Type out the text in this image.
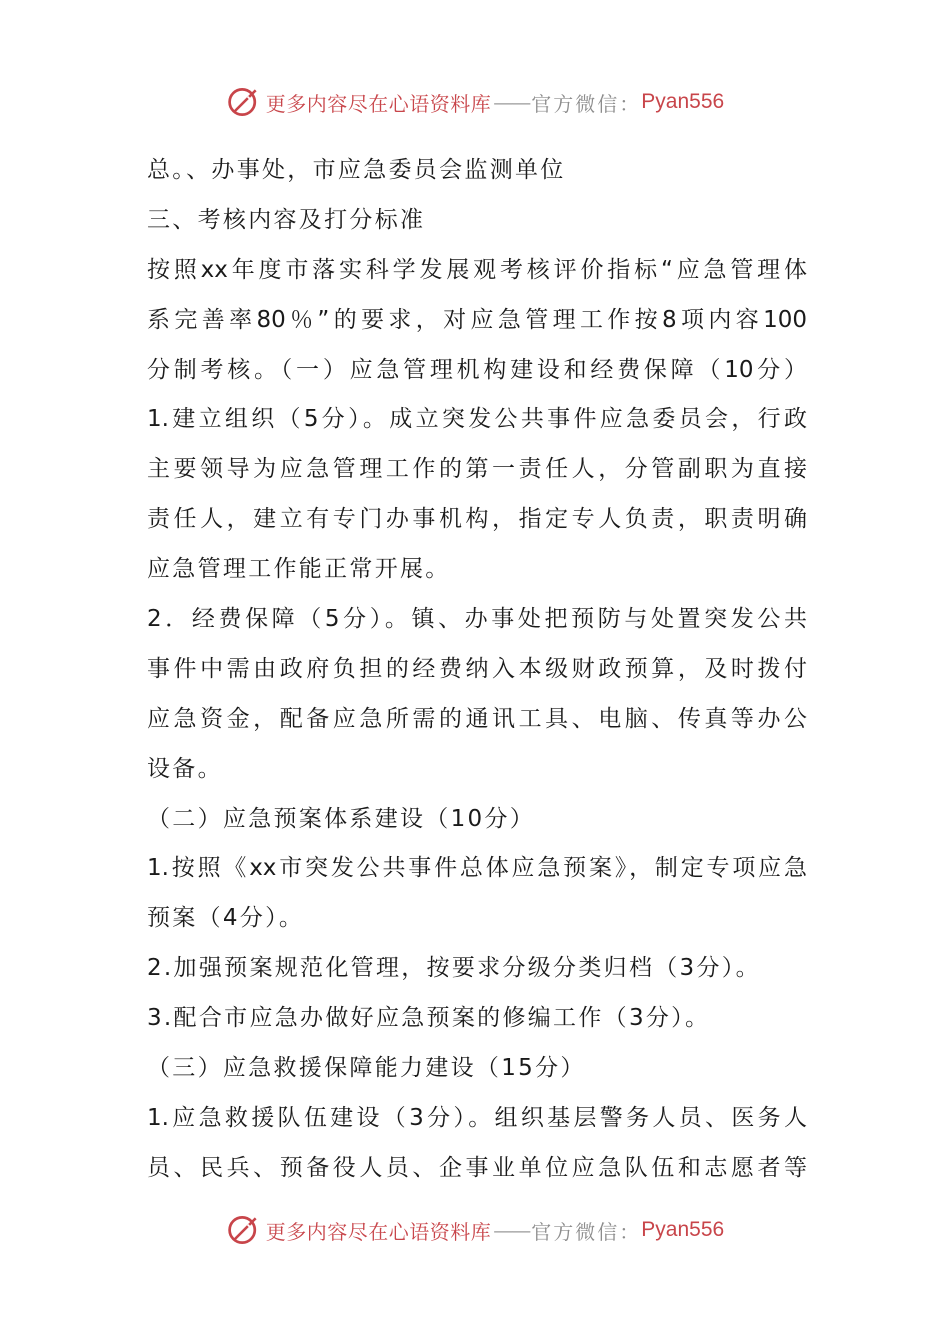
更多内容尽在心语资料库 —— 官方微信： Pyan556
总。、办事处，市应急委员会监测单位
三、考核内容及打分标准
按照xx年度市落实科学发展观考核评价指标“应急管理体
系完善率80％”的要求，对应急管理工作按8项内容100
分制考核。（一）应急管理机构建设和经费保障（10分）
1.建立组织（5分）。成立突发公共事件应急委员会，行政
主要领导为应急管理工作的第一责任人，分管副职为直接
责任人，建立有专门办事机构，指定专人负责，职责明确
应急管理工作能正常开展。
2．经费保障（5分）。镇、办事处把预防与处置突发公共
事件中需由政府负担的经费纳入本级财政预算，及时拨付
应急资金，配备应急所需的通讯工具、电脑、传真等办公
设备。
（二）应急预案体系建设（10分）
1.按照《xx市突发公共事件总体应急预案》，制定专项应急
预案（4分）。
2.加强预案规范化管理，按要求分级分类归档（3分）。
3.配合市应急办做好应急预案的修编工作（3分）。
（三）应急救援保障能力建设（15分）
1.应急救援队伍建设（3分）。组织基层警务人员、医务人
员、民兵、预备役人员、企事业单位应急队伍和志愿者等
更多内容尽在心语资料库 —— 官方微信： Pyan556
